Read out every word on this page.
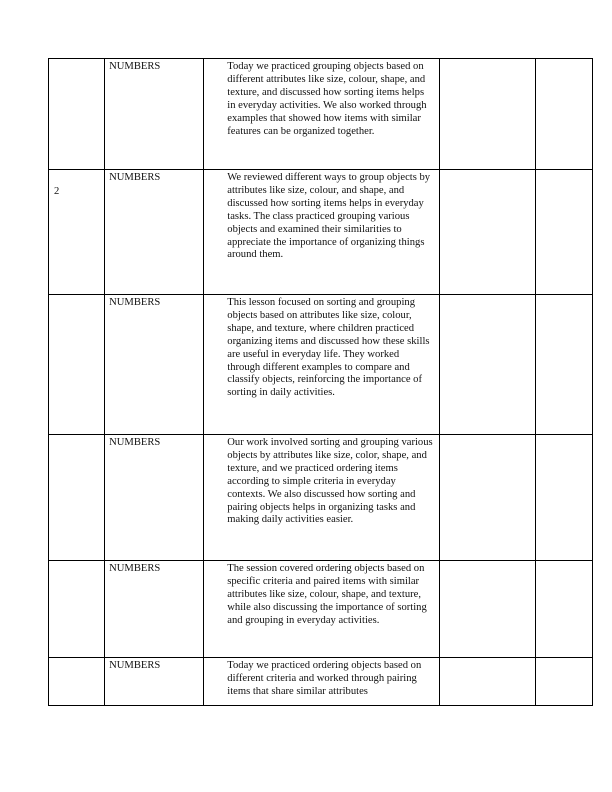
	NUMBERS	Today we practiced grouping objects based on different attributes like size, colour, shape, and texture, and discussed how sorting items helps in everyday activities. We also worked through examples that showed how items with similar features can be organized together.		

2	NUMBERS	We reviewed different ways to group objects by attributes like size, colour, and shape, and discussed how sorting items helps in everyday tasks. The class practiced grouping various objects and examined their similarities to appreciate the importance of organizing things around them.		

	NUMBERS	This lesson focused on sorting and grouping objects based on attributes like size, colour, shape, and texture, where children practiced organizing items and discussed how these skills are useful in everyday life. They worked through different examples to compare and classify objects, reinforcing the importance of sorting in daily activities.		

	NUMBERS	Our work involved sorting and grouping various objects by attributes like size, color, shape, and texture, and we practiced ordering items according to simple criteria in everyday contexts. We also discussed how sorting and pairing objects helps in organizing tasks and making daily activities easier.		

	NUMBERS	The session covered ordering objects based on specific criteria and paired items with similar attributes like size, colour, shape, and texture, while also discussing the importance of sorting and grouping in everyday activities.		

	NUMBERS	Today we practiced ordering objects based on different criteria and worked through pairing items that share similar attributes		
